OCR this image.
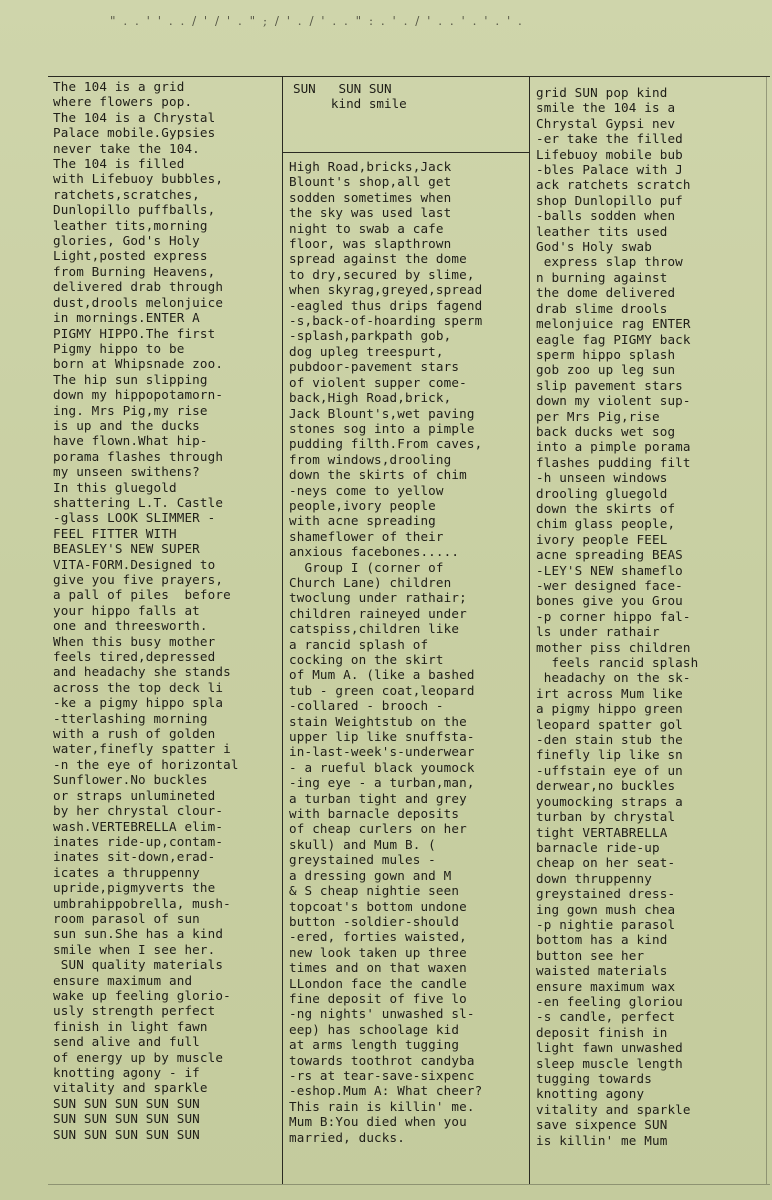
" . . ' ' . . / ' / ' . " ; / ' . / ' . . " : . ' . / ' . . ' . ' . ' .
The 104 is a grid
where flowers pop.
The 104 is a Chrystal
Palace mobile.Gypsies
never take the 104.
The 104 is filled
with Lifebuoy bubbles,
ratchets,scratches,
Dunlopillo puffballs,
leather tits,morning
glories, God's Holy
Light,posted express
from Burning Heavens,
delivered drab through
dust,drools melonjuice
in mornings.ENTER A
PIGMY HIPPO.The first
Pigmy hippo to be
born at Whipsnade zoo.
The hip sun slipping
down my hippopotamorn-
ing. Mrs Pig,my rise
is up and the ducks
have flown.What hip-
porama flashes through
my unseen swithens?
In this gluegold
shattering L.T. Castle
-glass LOOK SLIMMER -
FEEL FITTER WITH
BEASLEY'S NEW SUPER
VITA-FORM.Designed to
give you five prayers,
a pall of piles  before
your hippo falls at
one and threesworth.
When this busy mother
feels tired,depressed
and headachy she stands
across the top deck li
-ke a pigmy hippo spla
-tterlashing morning
with a rush of golden
water,finefly spatter i
-n the eye of horizontal
Sunflower.No buckles
or straps unlumineted
by her chrystal clour-
wash.VERTEBRELLA elim-
inates ride-up,contam-
inates sit-down,erad-
icates a thruppenny
upride,pigmyverts the
umbrahippobrella, mush-
room parasol of sun
sun sun.She has a kind
smile when I see her.
SUN quality materials
ensure maximum and
wake up feeling glorio-
usly strength perfect
finish in light fawn
send alive and full
of energy up by muscle
knotting agony - if
vitality and sparkle
SUN SUN SUN SUN SUN
SUN SUN SUN SUN SUN
SUN SUN SUN SUN SUN
SUN   SUN SUN
kind smile
High Road,bricks,Jack
Blount's shop,all get
sodden sometimes when
the sky was used last
night to swab a cafe
floor, was slapthrown
spread against the dome
to dry,secured by slime,
when skyrag,greyed,spread
-eagled thus drips fagend
-s,back-of-hoarding sperm
-splash,parkpath gob,
dog upleg treespurt,
pubdoor-pavement stars
of violent supper come-
back,High Road,brick,
Jack Blount's,wet paving
stones sog into a pimple
pudding filth.From caves,
from windows,drooling
down the skirts of chim
-neys come to yellow
people,ivory people
with acne spreading
shameflower of their
anxious facebones.....
Group I (corner of
Church Lane) children
twoclung under rathair;
children raineyed under
catspiss,children like
a rancid splash of
cocking on the skirt
of Mum A. (like a bashed
tub - green coat,leopard
-collared - brooch -
stain Weightstub on the
upper lip like snuffsta-
in-last-week's-underwear
- a rueful black youmock
-ing eye - a turban,man,
a turban tight and grey
with barnacle deposits
of cheap curlers on her
skull) and Mum B. (
greystained mules -
a dressing gown and M
& S cheap nightie seen
topcoat's bottom undone
button -soldier-should
-ered, forties waisted,
new look taken up three
times and on that waxen
LLondon face the candle
fine deposit of five lo
-ng nights' unwashed sl-
eep) has schoolage kid
at arms length tugging
towards toothrot candyba
-rs at tear-save-sixpenc
-eshop.Mum A: What cheer?
This rain is killin' me.
Mum B:You died when you
married, ducks.
grid SUN pop kind
smile the 104 is a
Chrystal Gypsi nev
-er take the filled
Lifebuoy mobile bub
-bles Palace with J
ack ratchets scratch
shop Dunlopillo puf
-balls sodden when
leather tits used
God's Holy swab
express slap throw
n burning against
the dome delivered
drab slime drools
melonjuice rag ENTER
eagle fag PIGMY back
sperm hippo splash
gob zoo up leg sun
slip pavement stars
down my violent sup-
per Mrs Pig,rise
back ducks wet sog
into a pimple porama
flashes pudding filt
-h unseen windows
drooling gluegold
down the skirts of
chim glass people,
ivory people FEEL
acne spreading BEAS
-LEY'S NEW shameflo
-wer designed face-
bones give you Grou
-p corner hippo fal-
ls under rathair
mother piss children
feels rancid splash
headachy on the sk-
irt across Mum like
a pigmy hippo green
leopard spatter gol
-den stain stub the
finefly lip like sn
-uffstain eye of un
derwear,no buckles
youmocking straps a
turban by chrystal
tight VERTABRELLA
barnacle ride-up
cheap on her seat-
down thruppenny
greystained dress-
ing gown mush chea
-p nightie parasol
bottom has a kind
button see her
waisted materials
ensure maximum wax
-en feeling gloriou
-s candle, perfect
deposit finish in
light fawn unwashed
sleep muscle length
tugging towards
knotting agony
vitality and sparkle
save sixpence SUN
is killin' me Mum
